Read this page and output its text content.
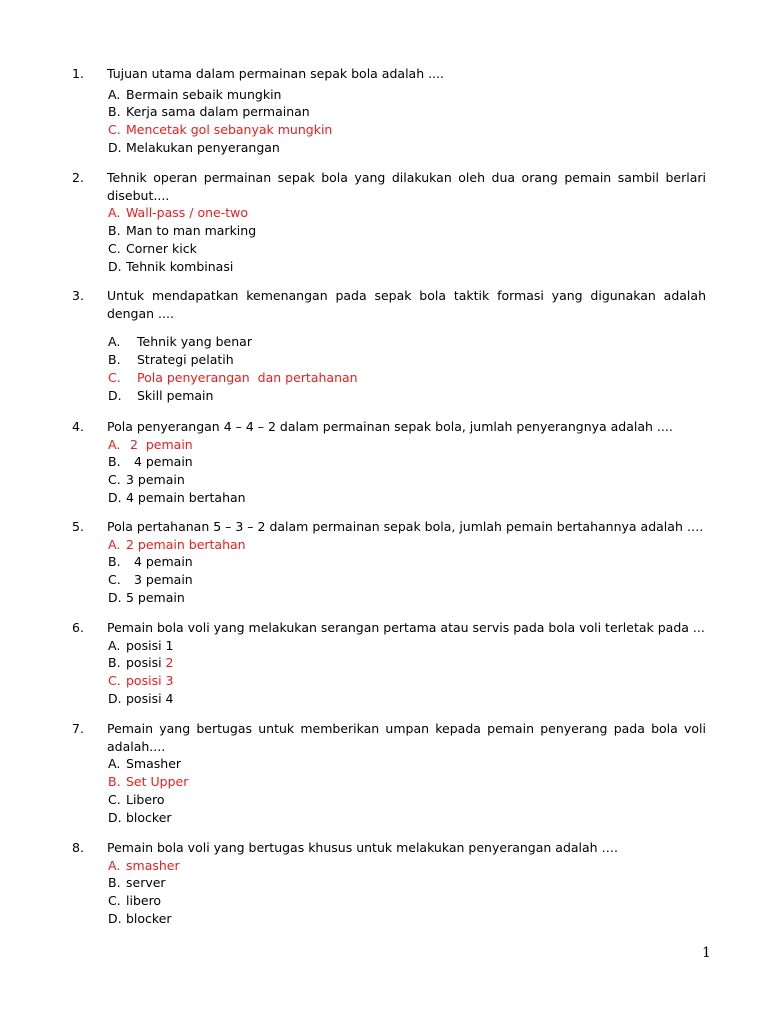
1. Tujuan utama dalam permainan sepak bola adalah ....
A. Bermain sebaik mungkin
B. Kerja sama dalam permainan
C. Mencetak gol sebanyak mungkin
D. Melakukan penyerangan
2. Tehnik operan permainan sepak bola yang dilakukan oleh dua orang pemain sambil berlari disebut....
A. Wall-pass / one-two
B. Man to man marking
C. Corner kick
D. Tehnik kombinasi
3. Untuk mendapatkan kemenangan pada sepak bola taktik formasi yang digunakan adalah dengan ....
A. Tehnik yang benar
B. Strategi pelatih
C. Pola penyerangan  dan pertahanan
D. Skill pemain
4. Pola penyerangan 4 – 4 – 2 dalam permainan sepak bola, jumlah penyerangnya adalah ....
A. 2  pemain
B.  4 pemain
C. 3 pemain
D. 4 pemain bertahan
5. Pola pertahanan 5 – 3 – 2 dalam permainan sepak bola, jumlah pemain bertahannya adalah ….
A. 2 pemain bertahan
B.  4 pemain
C.  3 pemain
D. 5 pemain
6. Pemain bola voli yang melakukan serangan pertama atau servis pada bola voli terletak pada ...
A. posisi 1
B. posisi 2
C. posisi 3
D. posisi 4
7. Pemain yang bertugas untuk memberikan umpan kepada pemain penyerang pada bola voli adalah....
A. Smasher
B. Set Upper
C. Libero
D. blocker
8. Pemain bola voli yang bertugas khusus untuk melakukan penyerangan adalah ….
A. smasher
B. server
C. libero
D. blocker
1
